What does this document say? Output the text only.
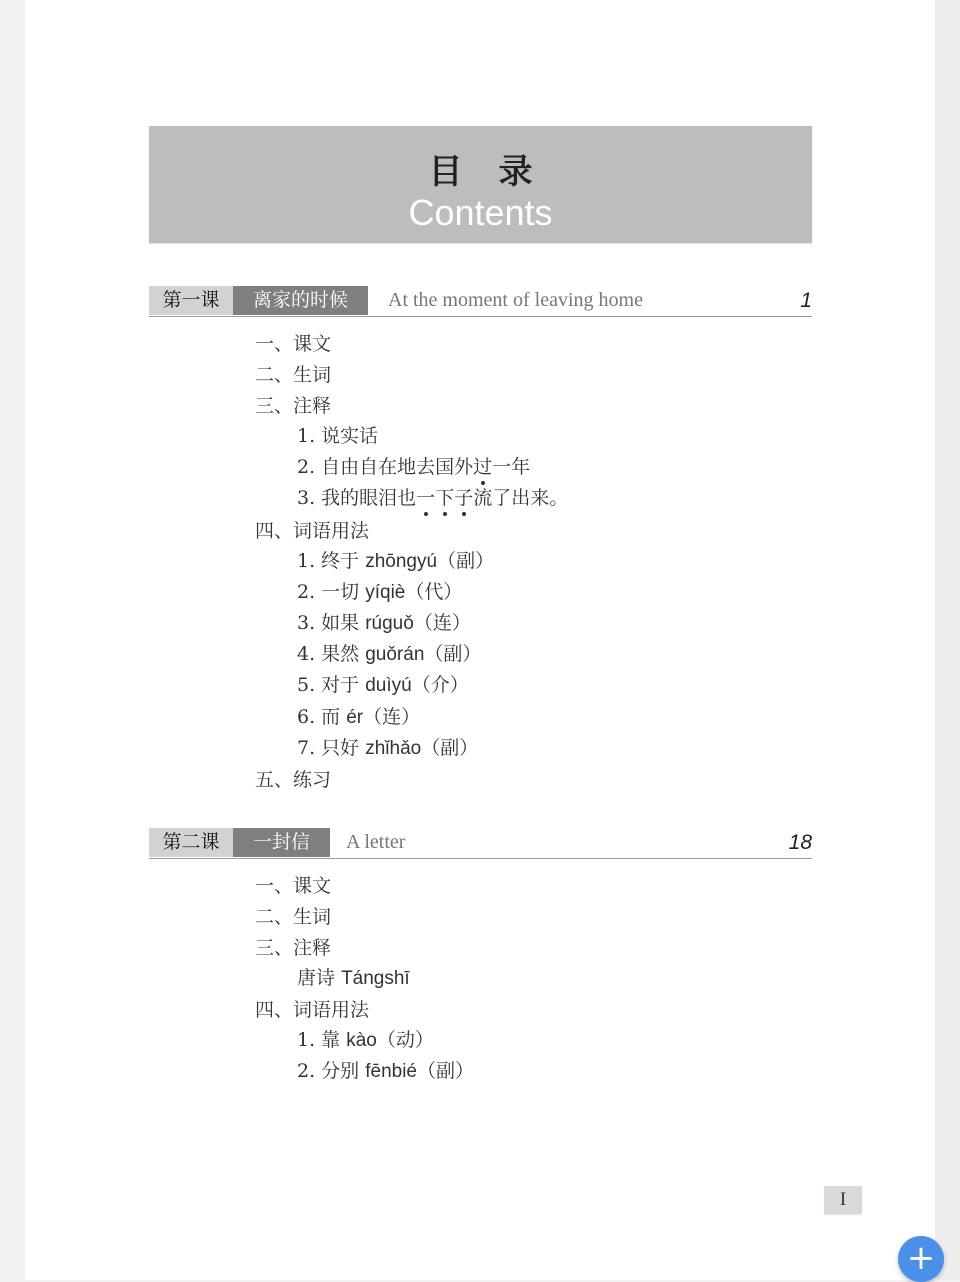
目录
Contents
第一课	离家的时候	At the moment of leaving home	1
一、课文
二、生词
三、注释
1. 说实话
2. 自由自在地去国外过一年
3. 我的眼泪也一下子流了出来。
四、词语用法
1. 终于 zhōngyú（副）
2. 一切 yíqiè（代）
3. 如果 rúguǒ（连）
4. 果然 guǒrán（副）
5. 对于 duìyú（介）
6. 而 ér（连）
7. 只好 zhǐhǎo（副）
五、练习
第二课	一封信	A letter	18
一、课文
二、生词
三、注释
唐诗 Tángshī
四、词语用法
1. 靠 kào（动）
2. 分别 fēnbié（副）
I
+
